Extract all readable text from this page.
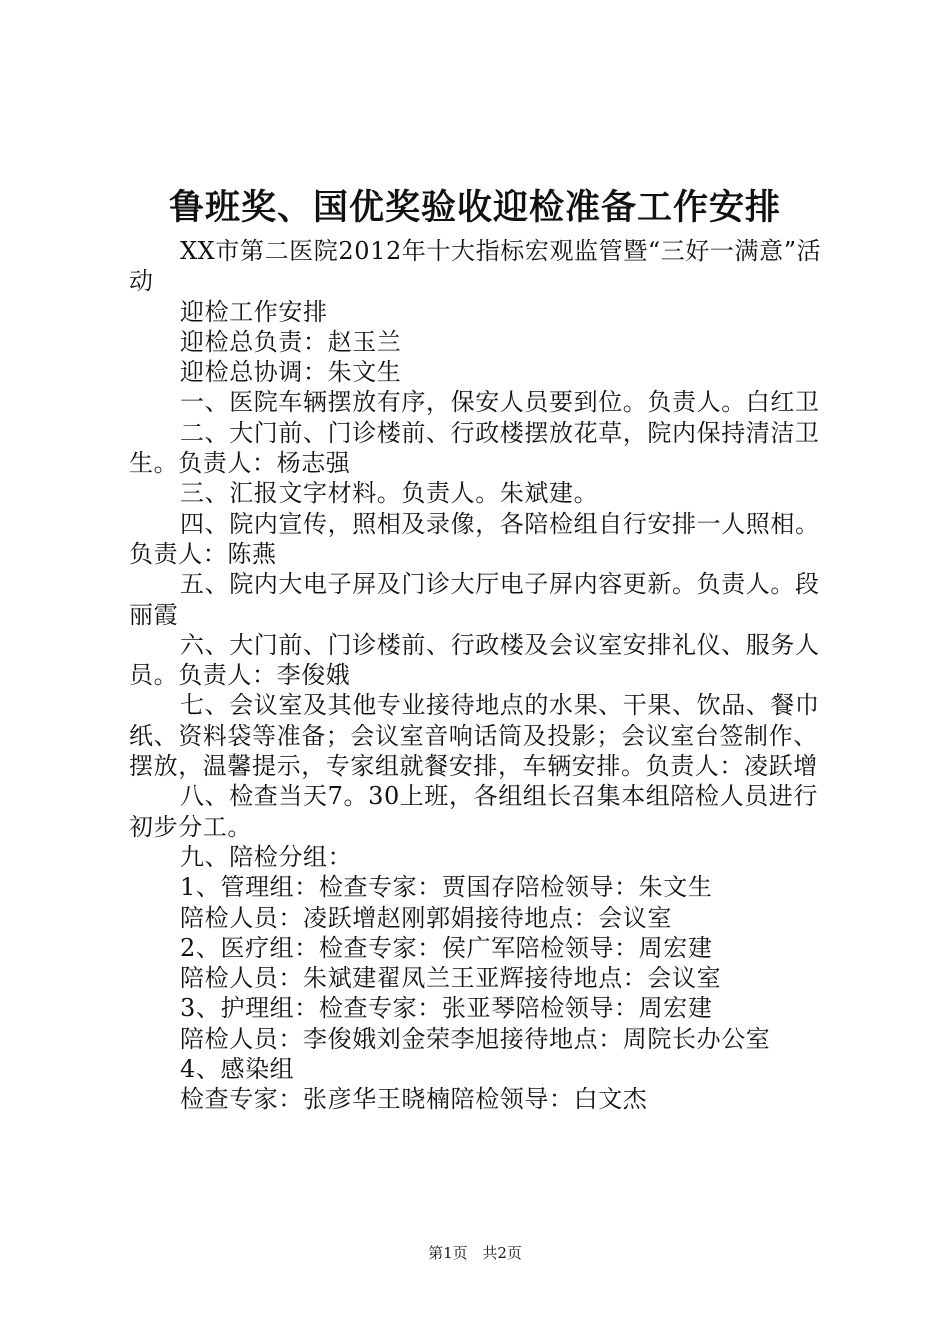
鲁班奖、国优奖验收迎检准备工作安排

XX市第二医院2012年十大指标宏观监管暨“三好一满意”活动

迎检工作安排

迎检总负责：赵玉兰

迎检总协调：朱文生

一、医院车辆摆放有序，保安人员要到位。负责人。白红卫

二、大门前、门诊楼前、行政楼摆放花草，院内保持清洁卫生。负责人：杨志强

三、汇报文字材料。负责人。朱斌建。

四、院内宣传，照相及录像，各陪检组自行安排一人照相。负责人：陈燕

五、院内大电子屏及门诊大厅电子屏内容更新。负责人。段丽霞

六、大门前、门诊楼前、行政楼及会议室安排礼仪、服务人员。负责人：李俊娥

七、会议室及其他专业接待地点的水果、干果、饮品、餐巾纸、资料袋等准备；会议室音响话筒及投影；会议室台签制作、摆放，温馨提示，专家组就餐安排，车辆安排。负责人：凌跃增

八、检查当天7。30上班，各组组长召集本组陪检人员进行初步分工。

九、陪检分组：

1、管理组：检查专家：贾国存陪检领导：朱文生

陪检人员：凌跃增赵刚郭娟接待地点：会议室

2、医疗组：检查专家：侯广军陪检领导：周宏建

陪检人员：朱斌建翟凤兰王亚辉接待地点：会议室

3、护理组：检查专家：张亚琴陪检领导：周宏建

陪检人员：李俊娥刘金荣李旭接待地点：周院长办公室

4、感染组

检查专家：张彦华王晓楠陪检领导：白文杰

第1页 共2页
